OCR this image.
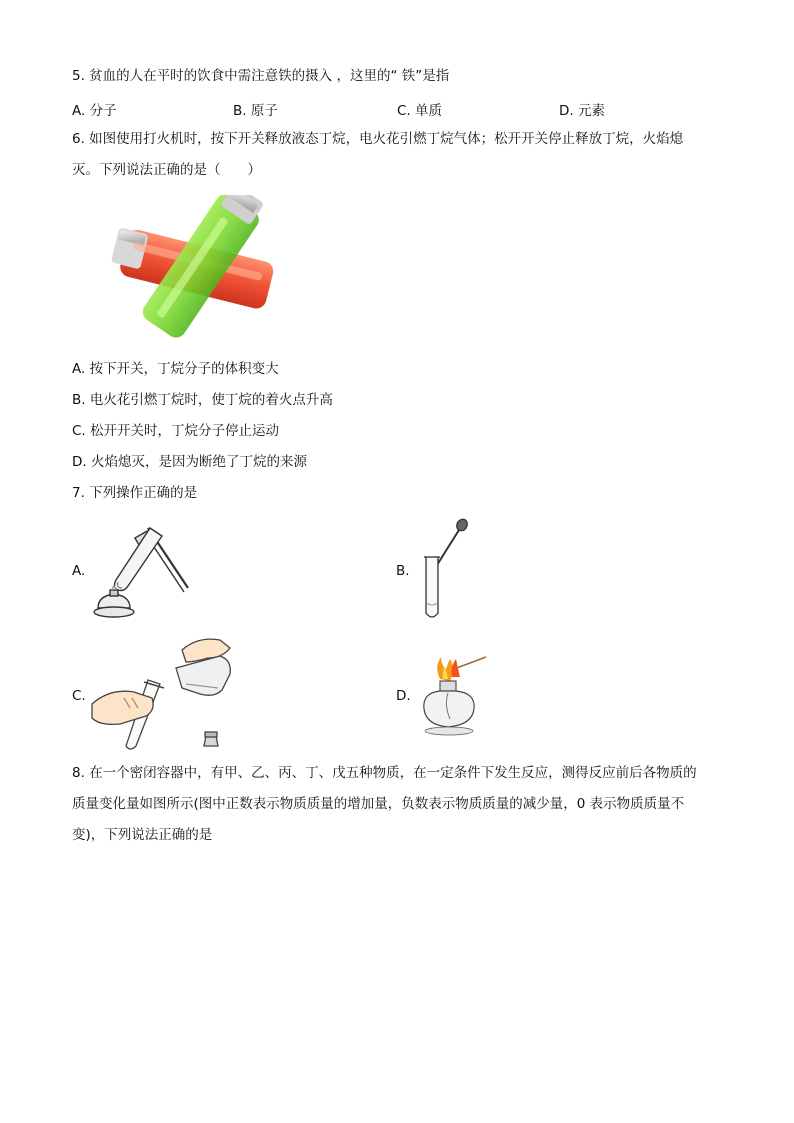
5. 贫血的人在平时的饮食中需注意铁的摄入 ，这里的“ 铁”是指
A. 分子	B. 原子	C. 单质	D. 元素
6. 如图使用打火机时，按下开关释放液态丁烷，电火花引燃丁烷气体；松开开关停止释放丁烷，火焰熄
灭。下列说法正确的是（　　）
A. 按下开关，丁烷分子的体积变大
B. 电火花引燃丁烷时，使丁烷的着火点升高
C. 松开开关时，丁烷分子停止运动
D. 火焰熄灭，是因为断绝了丁烷的来源
7. 下列操作正确的是
A.	B.
C.	D.
8. 在一个密闭容器中，有甲、乙、丙、丁、戊五种物质，在一定条件下发生反应，测得反应前后各物质的
质量变化量如图所示(图中正数表示物质质量的增加量，负数表示物质质量的减少量，0 表示物质质量不
变)，下列说法正确的是
